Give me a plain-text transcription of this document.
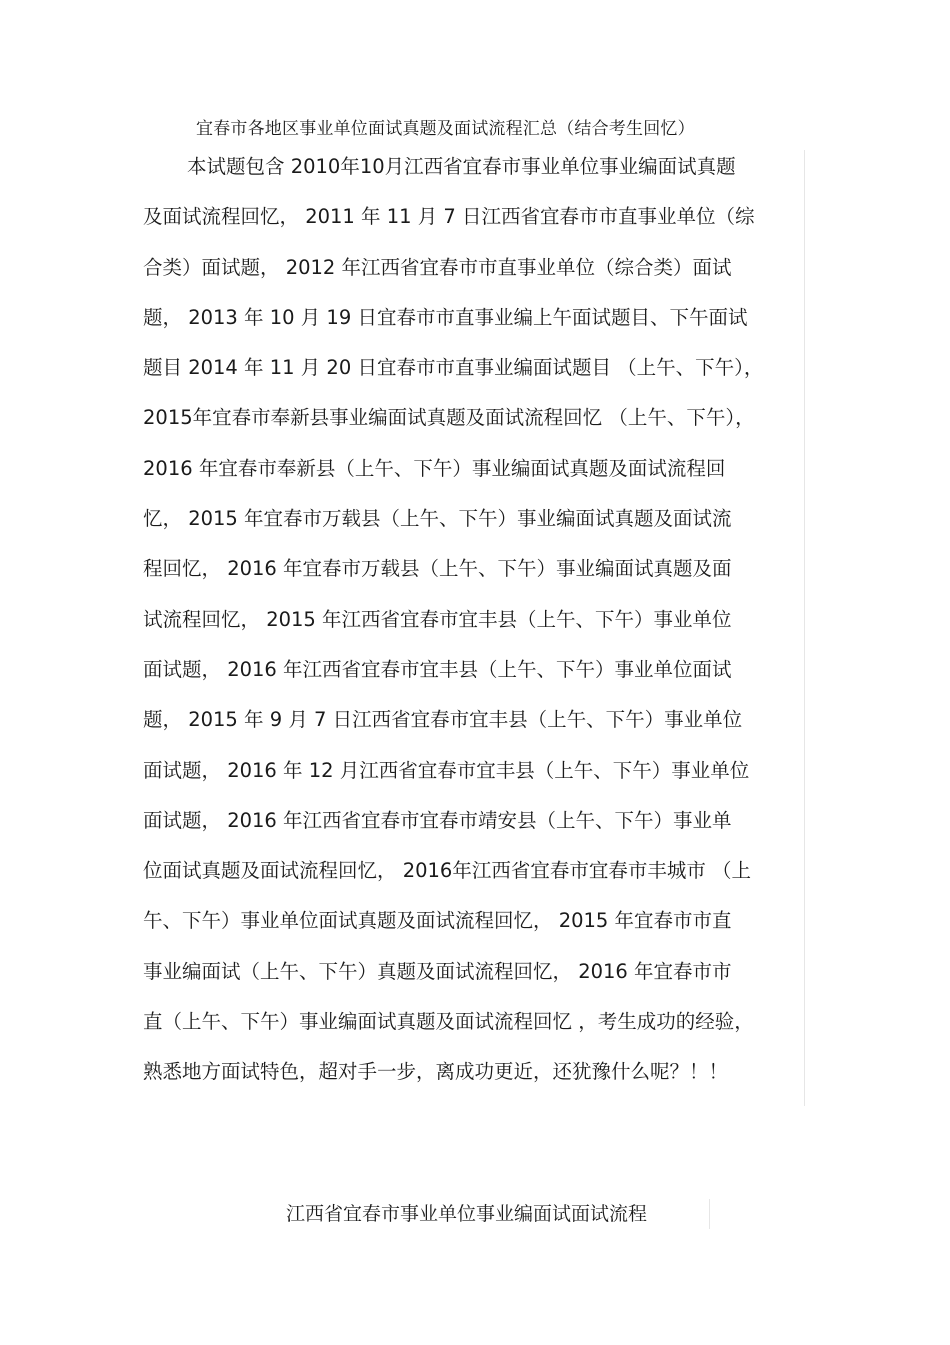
宜春市各地区事业单位面试真题及面试流程汇总（结合考生回忆）
本试题包含 2010年10月江西省宜春市事业单位事业编面试真题
及面试流程回忆， 2011 年 11 月 7 日江西省宜春市市直事业单位（综
合类）面试题， 2012 年江西省宜春市市直事业单位（综合类）面试
题， 2013 年 10 月 19 日宜春市市直事业编上午面试题目、下午面试
题目 2014 年 11 月 20 日宜春市市直事业编面试题目 （上午、下午），
2015年宜春市奉新县事业编面试真题及面试流程回忆 （上午、下午），
2016 年宜春市奉新县（上午、下午）事业编面试真题及面试流程回
忆， 2015 年宜春市万载县（上午、下午）事业编面试真题及面试流
程回忆， 2016 年宜春市万载县（上午、下午）事业编面试真题及面
试流程回忆， 2015 年江西省宜春市宜丰县（上午、下午）事业单位
面试题， 2016 年江西省宜春市宜丰县（上午、下午）事业单位面试
题， 2015 年 9 月 7 日江西省宜春市宜丰县（上午、下午）事业单位
面试题， 2016 年 12 月江西省宜春市宜丰县（上午、下午）事业单位
面试题， 2016 年江西省宜春市宜春市靖安县（上午、下午）事业单
位面试真题及面试流程回忆， 2016年江西省宜春市宜春市丰城市 （上
午、下午）事业单位面试真题及面试流程回忆， 2015 年宜春市市直
事业编面试（上午、下午）真题及面试流程回忆， 2016 年宜春市市
直（上午、下午）事业编面试真题及面试流程回忆 ，考生成功的经验，
熟悉地方面试特色，超对手一步，离成功更近，还犹豫什么呢？！！
江西省宜春市事业单位事业编面试面试流程
